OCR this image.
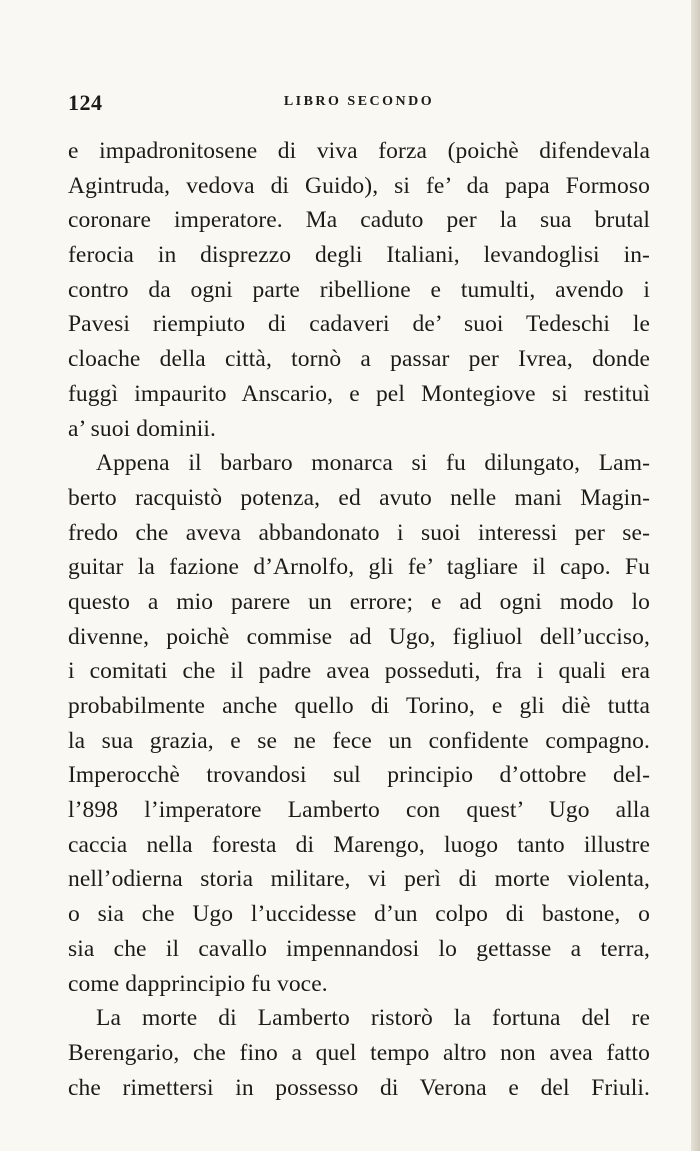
124	LIBRO SECONDO
e impadronitosene di viva forza (poichè difendevala
Agintruda, vedova di Guido), si fe’ da papa Formoso
coronare imperatore. Ma caduto per la sua brutal
ferocia in disprezzo degli Italiani, levandoglisi in-
contro da ogni parte ribellione e tumulti, avendo i
Pavesi riempiuto di cadaveri de’ suoi Tedeschi le
cloache della città, tornò a passar per Ivrea, donde
fuggì impaurito Anscario, e pel Montegiove si restituì
a’ suoi dominii.
Appena il barbaro monarca si fu dilungato, Lam-
berto racquistò potenza, ed avuto nelle mani Magin-
fredo che aveva abbandonato i suoi interessi per se-
guitar la fazione d’Arnolfo, gli fe’ tagliare il capo. Fu
questo a mio parere un errore; e ad ogni modo lo
divenne, poichè commise ad Ugo, figliuol dell’ucciso,
i comitati che il padre avea posseduti, fra i quali era
probabilmente anche quello di Torino, e gli diè tutta
la sua grazia, e se ne fece un confidente compagno.
Imperocchè trovandosi sul principio d’ottobre del-
l’898 l’imperatore Lamberto con quest’ Ugo alla
caccia nella foresta di Marengo, luogo tanto illustre
nell’odierna storia militare, vi perì di morte violenta,
o sia che Ugo l’uccidesse d’un colpo di bastone, o
sia che il cavallo impennandosi lo gettasse a terra,
come dapprincipio fu voce.
La morte di Lamberto ristorò la fortuna del re
Berengario, che fino a quel tempo altro non avea fatto
che rimettersi in possesso di Verona e del Friuli.
